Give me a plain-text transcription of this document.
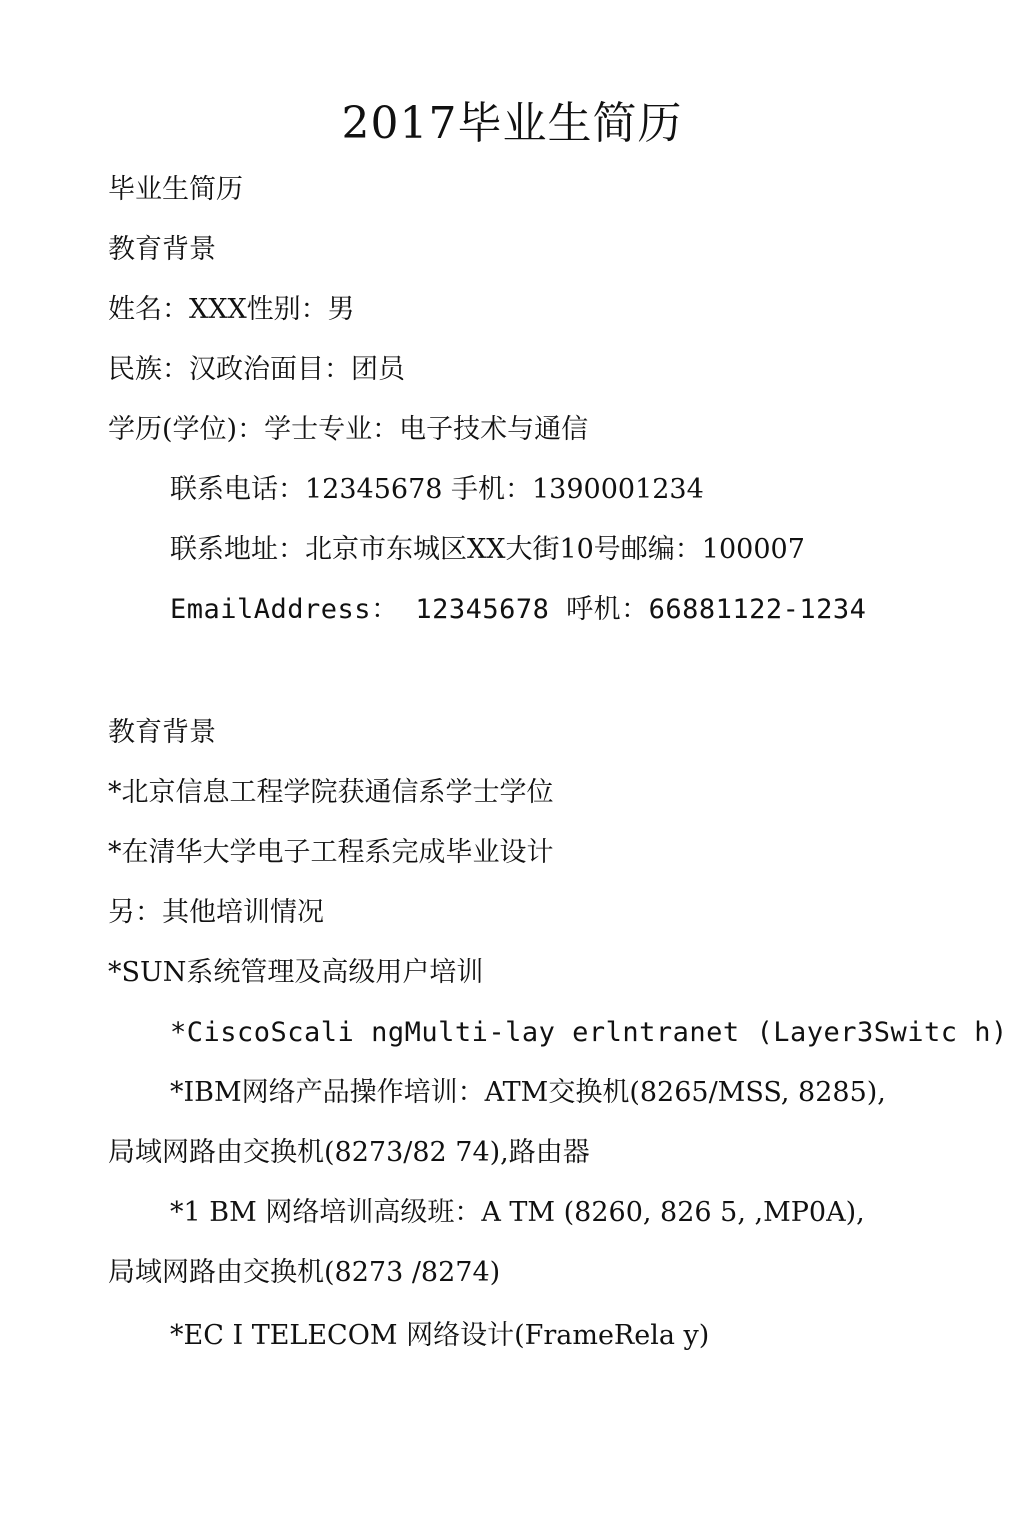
2017毕业生简历
毕业生简历
教育背景
姓名：XXX性别：男
民族：汉政治面目：团员
学历(学位)：学士专业：电子技术与通信
联系电话：12345678 手机：1390001234
联系地址：北京市东城区XX大街10号邮编：100007
EmailAddress： 12345678 呼机：66881122-1234
教育背景
*北京信息工程学院获通信系学士学位
*在清华大学电子工程系完成毕业设计
另：其他培训情况
*SUN系统管理及高级用户培训
*CiscoScali ngMulti-lay erlntranet (Layer3Switc h)
*IBM网络产品操作培训：ATM交换机(8265/MSS, 8285),
局域网路由交换机(8273/82 74),路由器
*1 BM 网络培训高级班：A TM (8260, 826 5, ,MP0A),
局域网路由交换机(8273 /8274)
*EC I TELECOM 网络设计(FrameRela y)
